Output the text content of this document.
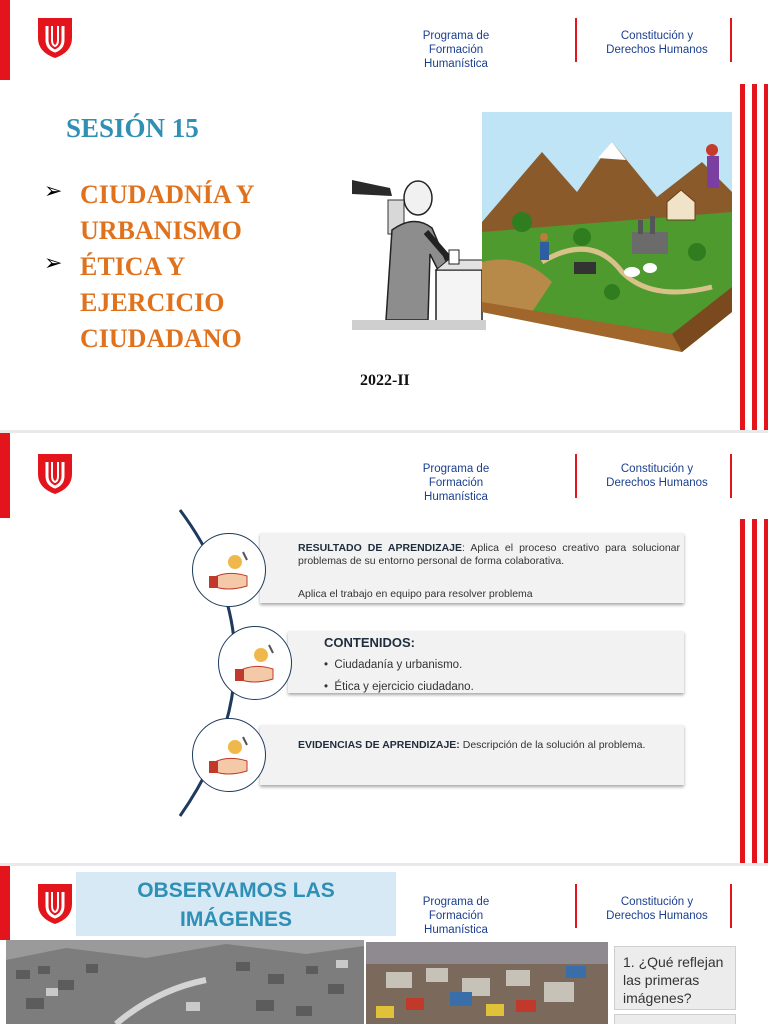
Programa de Formación
Humanística
Constitución y
Derechos Humanos
SESIÓN 15
➢ CIUDADNÍA Y
URBANISMO
➢ ÉTICA Y
EJERCICIO
CIUDADANO
2022-II
Programa de Formación
Humanística
Constitución y
Derechos Humanos
RESULTADO DE APRENDIZAJE: Aplica el proceso creativo para solucionar problemas de su entorno personal de forma colaborativa.
Aplica el trabajo en equipo para resolver problema
CONTENIDOS:
•  Ciudadanía y urbanismo.
•  Ética y ejercicio ciudadano.
EVIDENCIAS DE APRENDIZAJE: Descripción de la solución al problema.
OBSERVAMOS LAS
IMÁGENES
Programa de Formación
Humanística
Constitución y
Derechos Humanos
1. ¿Qué reflejan las primeras imágenes?
